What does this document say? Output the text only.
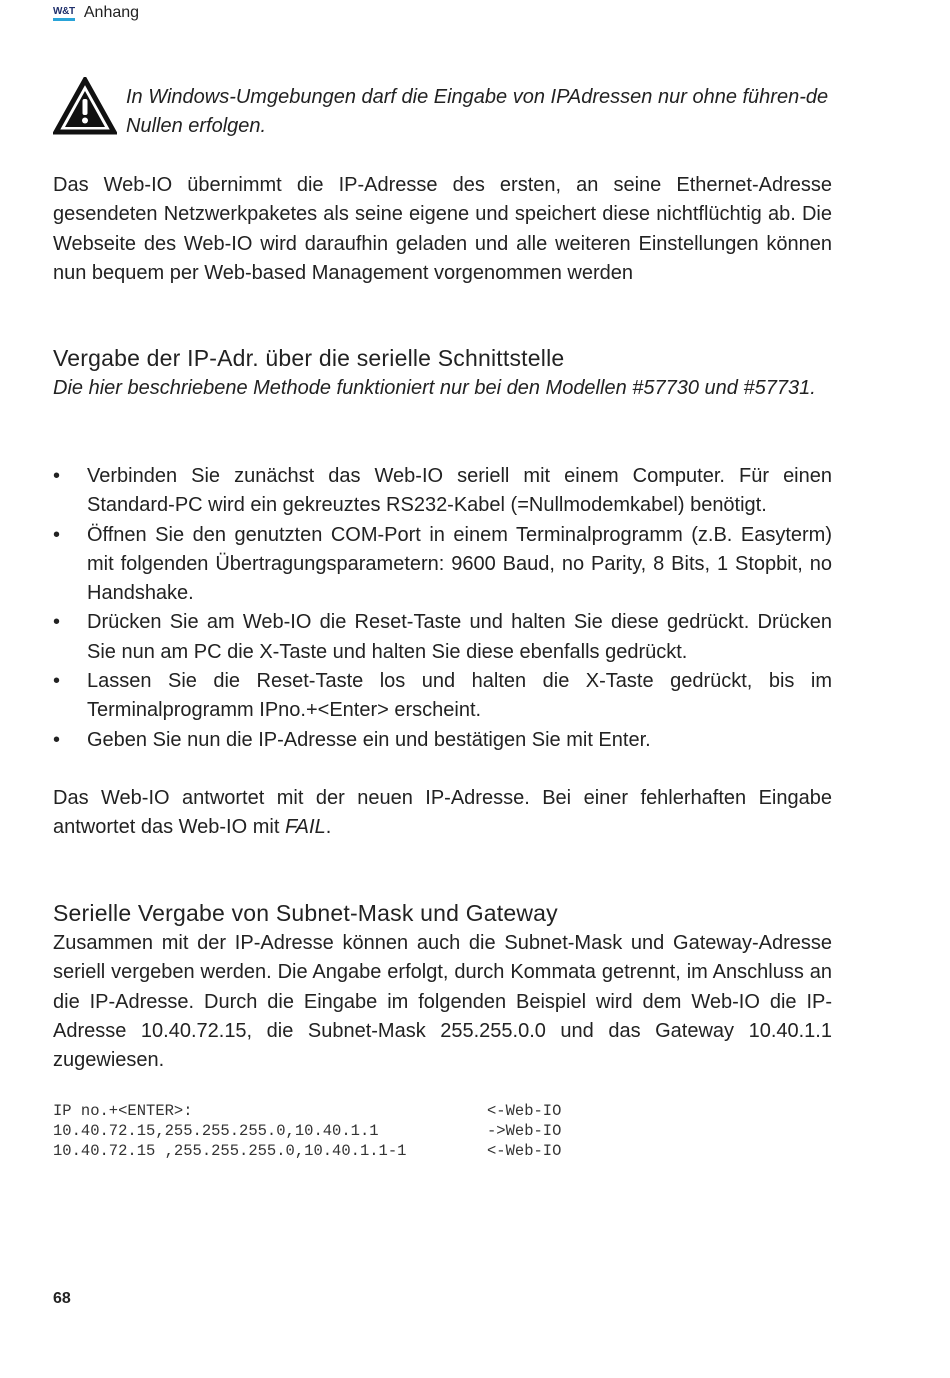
W&T Anhang

In Windows-Umgebungen darf die Eingabe von IPAdressen nur ohne führen-de Nullen erfolgen.

Das Web-IO übernimmt die IP-Adresse des ersten, an seine Ethernet-Adresse gesendeten Netzwerkpaketes als seine eigene und speichert diese nichtflüchtig ab. Die Webseite des Web-IO wird daraufhin geladen und alle weiteren Einstellungen können nun bequem per Web-based Management vorgenommen werden

Vergabe der IP-Adr. über die serielle Schnittstelle

Die hier beschriebene Methode funktioniert nur bei den Modellen #57730 und #57731.

• Verbinden Sie zunächst das Web-IO seriell mit einem Computer. Für einen Standard-PC wird ein gekreuztes RS232-Kabel (=Nullmodemkabel) benötigt.
• Öffnen Sie den genutzten COM-Port in einem Terminalprogramm (z.B. Easyterm) mit folgenden Übertragungsparametern: 9600 Baud, no Parity, 8 Bits, 1 Stopbit, no Handshake.
• Drücken Sie am Web-IO die Reset-Taste und halten Sie diese gedrückt. Drücken Sie nun am PC die X-Taste und halten Sie diese ebenfalls gedrückt.
• Lassen Sie die Reset-Taste los und halten die X-Taste gedrückt, bis im Terminalprogramm IPno.+<Enter> erscheint.
• Geben Sie nun die IP-Adresse ein und bestätigen Sie mit Enter.

Das Web-IO antwortet mit der neuen IP-Adresse. Bei einer fehlerhaften Eingabe antwortet das Web-IO mit FAIL.

Serielle Vergabe von Subnet-Mask und Gateway

Zusammen mit der IP-Adresse können auch die Subnet-Mask und Gateway-Adresse seriell vergeben werden. Die Angabe erfolgt, durch Kommata getrennt, im Anschluss an die IP-Adresse. Durch die Eingabe im folgenden Beispiel wird dem Web-IO die IP-Adresse 10.40.72.15, die Subnet-Mask 255.255.0.0 und das Gateway 10.40.1.1 zugewiesen.

IP no.+<ENTER>:	<-Web-IO
10.40.72.15,255.255.255.0,10.40.1.1	->Web-IO
10.40.72.15 ,255.255.255.0,10.40.1.1-1	<-Web-IO
68
